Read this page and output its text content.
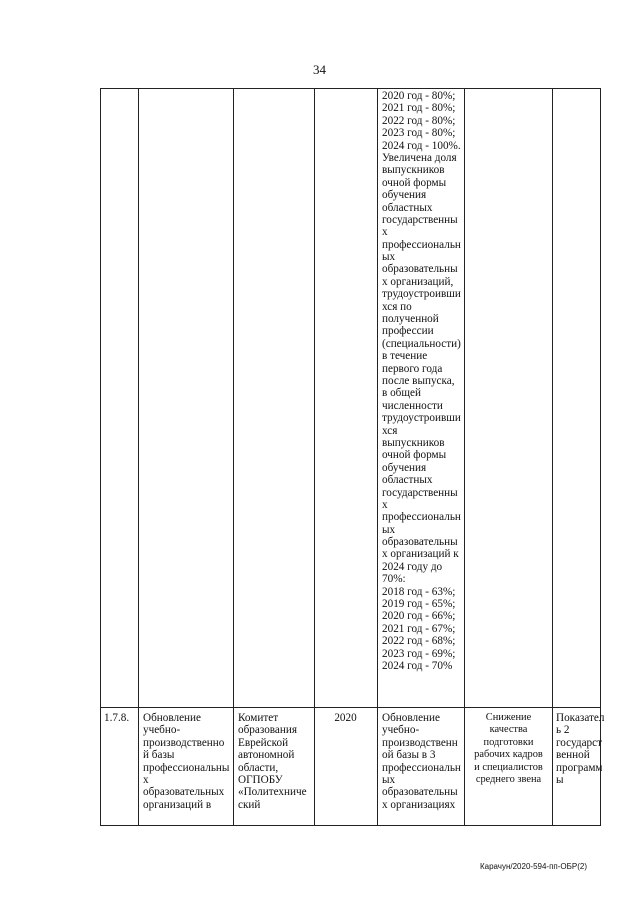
34
2020 год - 80%;
2021 год - 80%;
2022 год - 80%;
2023 год - 80%;
2024 год - 100%.
Увеличена доля
выпускников
очной формы
обучения
областных
государственны
х
профессиональн
ых
образовательны
х организаций,
трудоустроивши
хся по
полученной
профессии
(специальности)
в течение
первого года
после выпуска,
в общей
численности
трудоустроивши
хся
выпускников
очной формы
обучения
областных
государственны
х
профессиональн
ых
образовательны
х организаций к
2024 году до
70%:
2018 год - 63%;
2019 год - 65%;
2020 год - 66%;
2021 год - 67%;
2022 год - 68%;
2023 год - 69%;
2024 год - 70%
1.7.8. Обновление
учебно-
производственно
й базы
профессиональны
х
образовательных
организаций в
Комитет
образования
Еврейской
автономной
области,
ОГПОБУ
«Политехниче
ский
2020	Обновление
учебно-
производственн
ой базы в 3
профессиональн
ых
образовательны
х организациях
Снижение
качества
подготовки
рабочих кадров
и специалистов
среднего звена
Показател
ь 2
государст
венной
программ
ы
Карачун/2020-594-пп-ОБР(2)
